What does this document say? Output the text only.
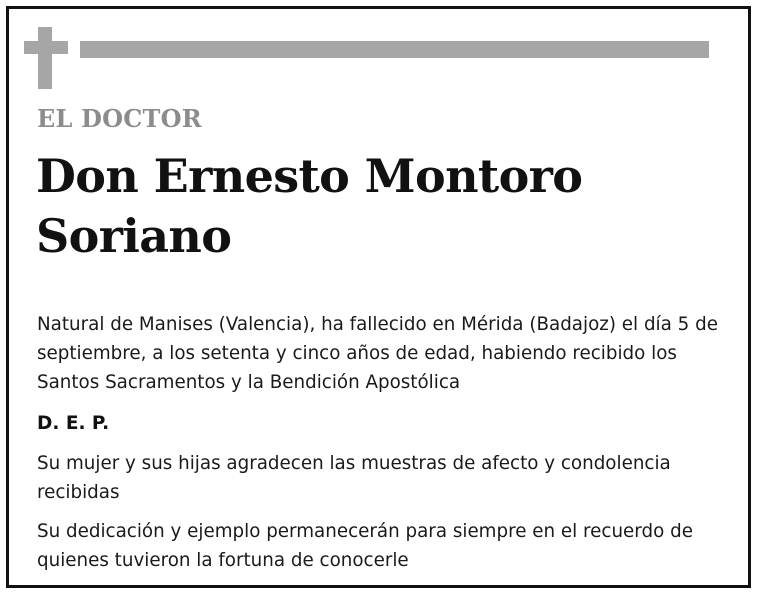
EL DOCTOR
Don Ernesto Montoro
Soriano
Natural de Manises (Valencia), ha fallecido en Mérida (Badajoz) el día 5 de septiembre, a los setenta y cinco años de edad, habiendo recibido los Santos Sacramentos y la Bendición Apostólica
D. E. P.
Su mujer y sus hijas agradecen las muestras de afecto y condolencia recibidas
Su dedicación y ejemplo permanecerán para siempre en el recuerdo de quienes tuvieron la fortuna de conocerle
